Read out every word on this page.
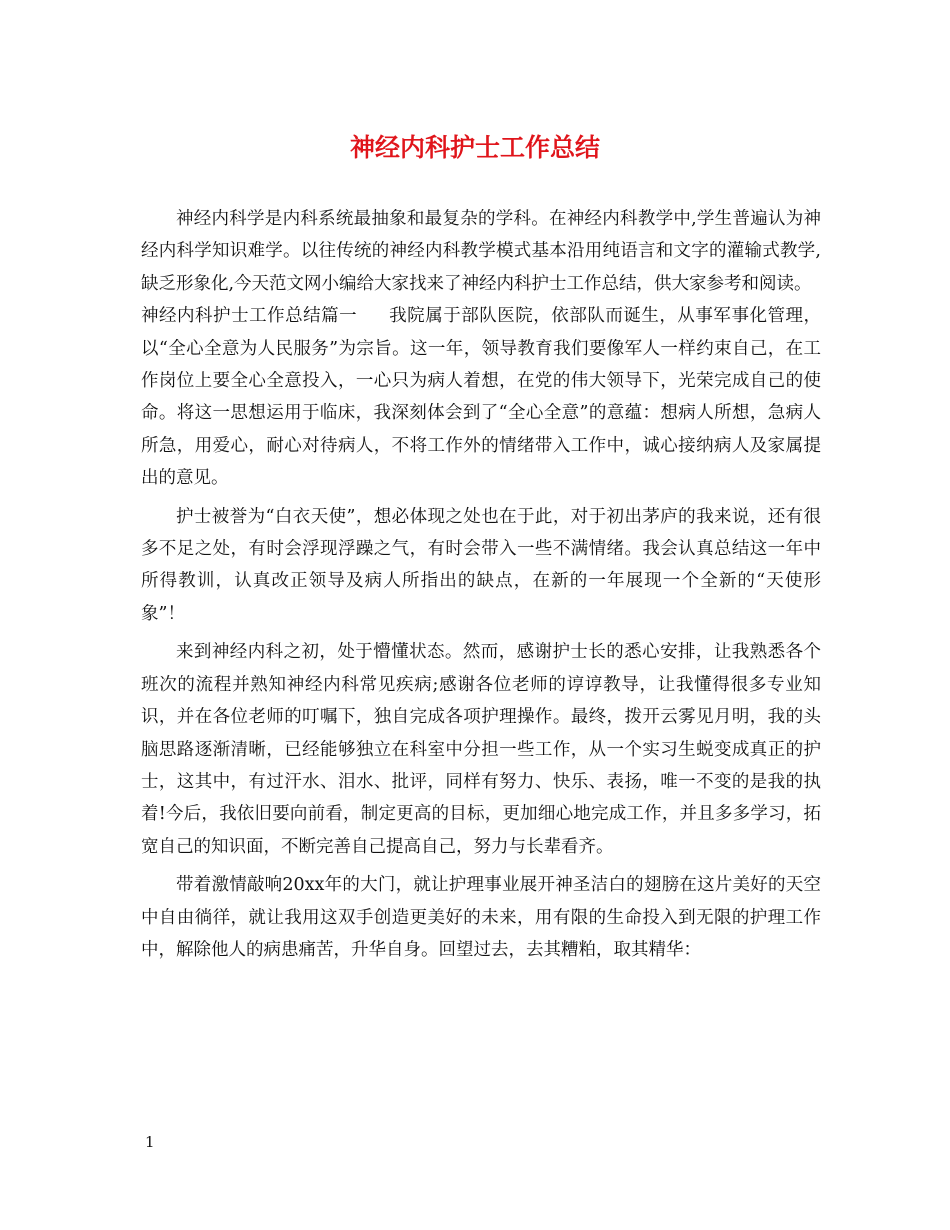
神经内科护士工作总结

神经内科学是内科系统最抽象和最复杂的学科。在神经内科教学中,学生普遍认为神经内科学知识难学。以往传统的神经内科教学模式基本沿用纯语言和文字的灌输式教学,缺乏形象化,今天范文网小编给大家找来了神经内科护士工作总结，供大家参考和阅读。

神经内科护士工作总结篇一 我院属于部队医院，依部队而诞生，从事军事化管理，以“全心全意为人民服务”为宗旨。这一年，领导教育我们要像军人一样约束自己，在工作岗位上要全心全意投入，一心只为病人着想，在党的伟大领导下，光荣完成自己的使命。将这一思想运用于临床，我深刻体会到了“全心全意”的意蕴：想病人所想，急病人所急，用爱心，耐心对待病人，不将工作外的情绪带入工作中，诚心接纳病人及家属提出的意见。

护士被誉为“白衣天使”，想必体现之处也在于此，对于初出茅庐的我来说，还有很多不足之处，有时会浮现浮躁之气，有时会带入一些不满情绪。我会认真总结这一年中所得教训，认真改正领导及病人所指出的缺点，在新的一年展现一个全新的“天使形象”！

来到神经内科之初，处于懵懂状态。然而，感谢护士长的悉心安排，让我熟悉各个班次的流程并熟知神经内科常见疾病;感谢各位老师的谆谆教导，让我懂得很多专业知识，并在各位老师的叮嘱下，独自完成各项护理操作。最终，拨开云雾见月明，我的头脑思路逐渐清晰，已经能够独立在科室中分担一些工作，从一个实习生蜕变成真正的护士，这其中，有过汗水、泪水、批评，同样有努力、快乐、表扬，唯一不变的是我的执着!今后，我依旧要向前看，制定更高的目标，更加细心地完成工作，并且多多学习，拓宽自己的知识面，不断完善自己提高自己，努力与长辈看齐。

带着激情敲响20xx年的大门，就让护理事业展开神圣洁白的翅膀在这片美好的天空中自由徜徉，就让我用这双手创造更美好的未来，用有限的生命投入到无限的护理工作中，解除他人的病患痛苦，升华自身。回望过去，去其糟粕，取其精华：

1
